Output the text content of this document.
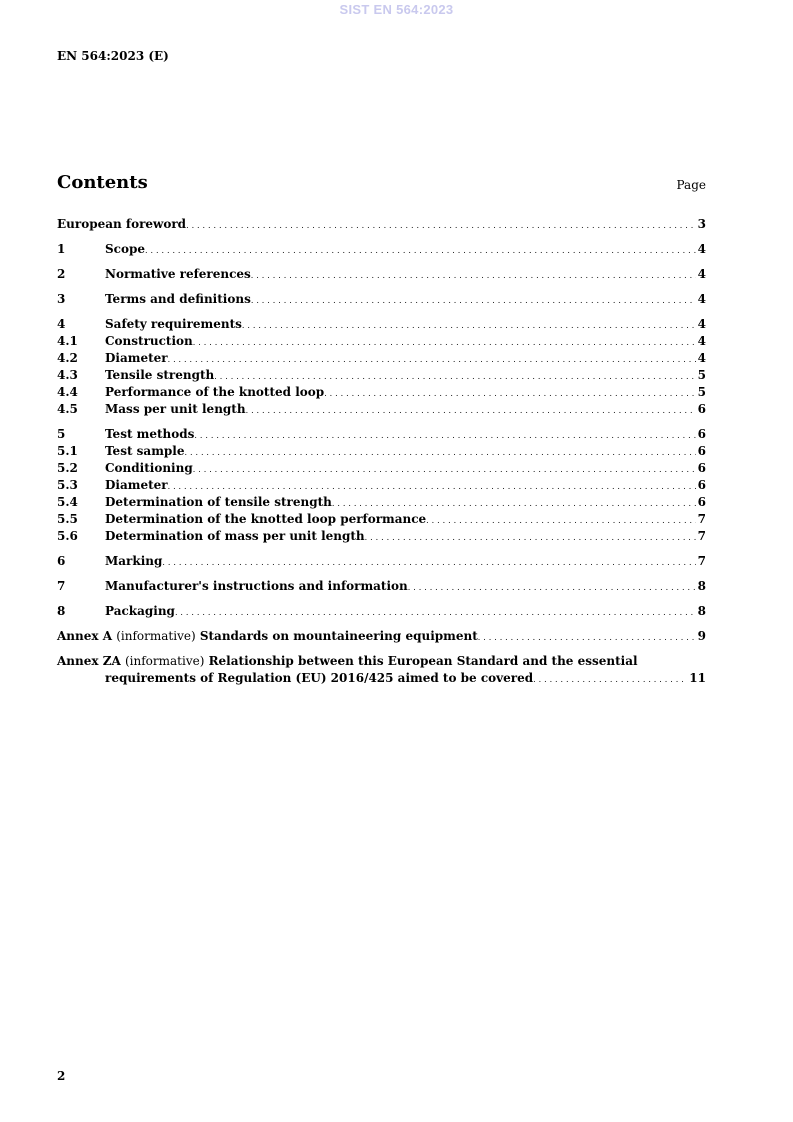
SIST EN 564:2023
EN 564:2023 (E)
Contents	Page
European foreword . . .	3
1	Scope . . .	4
2	Normative references . . .	4
3	Terms and definitions . . .	4
4	Safety requirements . . .	4
4.1	Construction . . .	4
4.2	Diameter . . .	4
4.3	Tensile strength . . .	5
4.4	Performance of the knotted loop . . .	5
4.5	Mass per unit length . . .	6
5	Test methods . . .	6
5.1	Test sample . . .	6
5.2	Conditioning . . .	6
5.3	Diameter . . .	6
5.4	Determination of tensile strength . . .	6
5.5	Determination of the knotted loop performance . . .	7
5.6	Determination of mass per unit length . . .	7
6	Marking . . .	7
7	Manufacturer's instructions and information . . .	8
8	Packaging . . .	8
Annex A (informative) Standards on mountaineering equipment . . .	9
Annex ZA (informative) Relationship between this European Standard and the essential
requirements of Regulation (EU) 2016/425 aimed to be covered . . .	11
2
